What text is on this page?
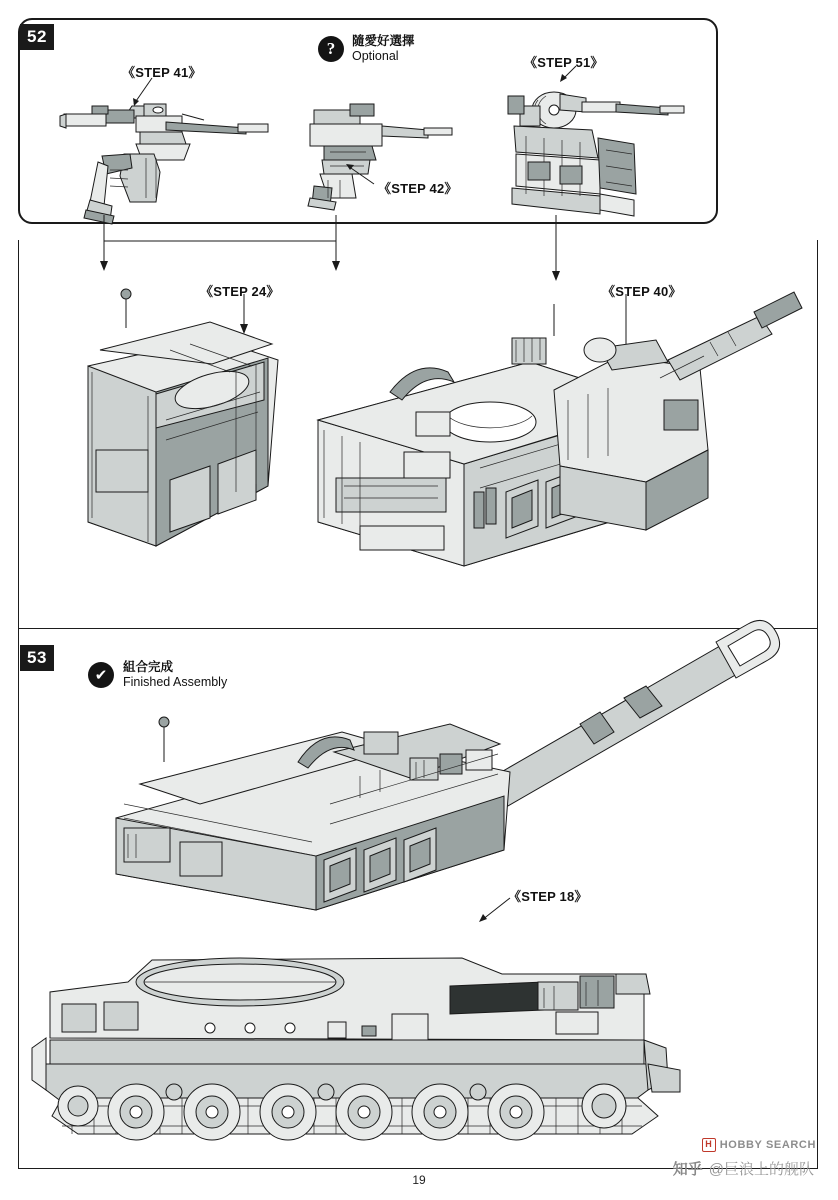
52
?	隨愛好選擇
Optional
《STEP 41》
《STEP 42》
《STEP 51》
《STEP 24》	《STEP 40》
53
✔
組合完成
Finished Assembly
《STEP 18》
19
H HOBBY SEARCH
知乎 @巨浪上的舰队
